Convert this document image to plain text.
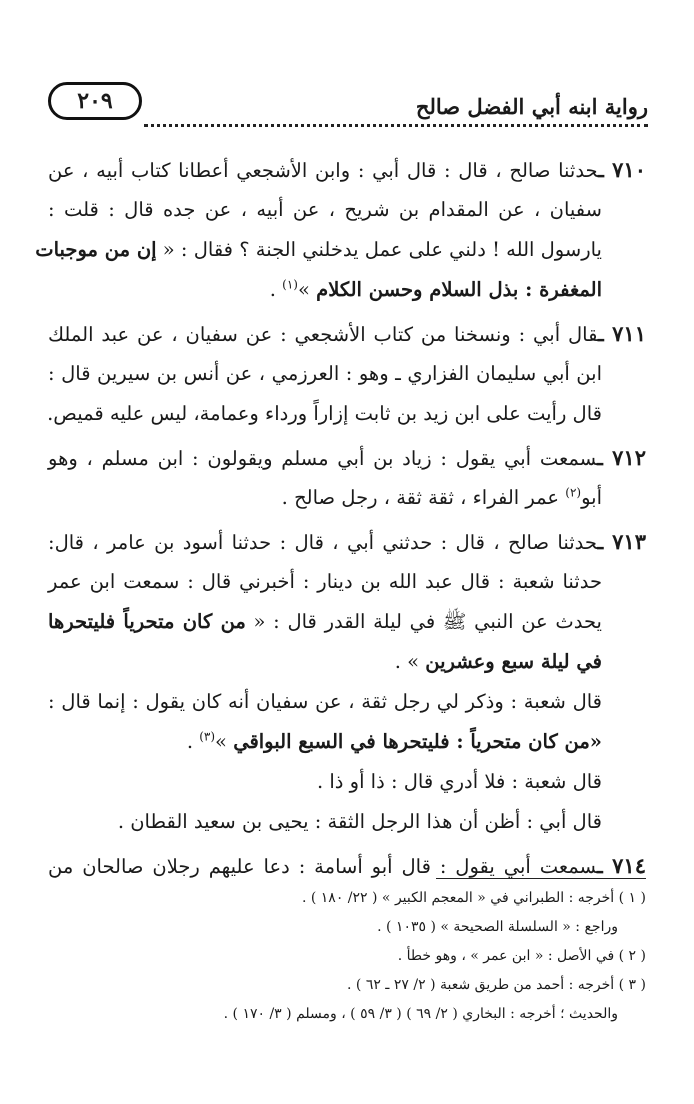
رواية ابنه أبي الفضل صالح
٢٠٩
٧١٠ ـحدثنا صالح ، قال : قال أبي : وابن الأشجعي أعطانا كتاب أبيه ، عن
سفيان ، عن المقدام بن شريح ، عن أبيه ، عن جده قال : قلت :
يارسول الله ! دلني على عمل يدخلني الجنة ؟ فقال : « إن من موجبات
المغفرة : بذل السلام وحسن الكلام »$^{(١)}$ .
٧١١ ـقال أبي : ونسخنا من كتاب الأشجعي : عن سفيان ، عن عبد الملك
ابن أبي سليمان الفزاري ـ وهو : العرزمي ، عن أنس بن سيرين قال :
قال رأيت على ابن زيد بن ثابت إزاراً ورداء وعمامة، ليس عليه قميص.
٧١٢ ـسمعت أبي يقول : زياد بن أبي مسلم ويقولون : ابن مسلم ، وهو
أبو$^{(٢)}$ عمر الفراء ، ثقة ثقة ، رجل صالح .
٧١٣ ـحدثنا صالح ، قال : حدثني أبي ، قال : حدثنا أسود بن عامر ، قال:
حدثنا شعبة : قال عبد الله بن دينار : أخبرني قال : سمعت ابن عمر
يحدث عن النبي ﷺ في ليلة القدر قال : « من كان متحرياً فليتحرها
في ليلة سبع وعشرين » .
قال شعبة : وذكر لي رجل ثقة ، عن سفيان أنه كان يقول : إنما قال :
«من كان متحرياً : فليتحرها في السبع البواقي »$^{(٣)}$ .
قال شعبة : فلا أدري قال : ذا أو ذا .
قال أبي : أظن أن هذا الرجل الثقة : يحيى بن سعيد القطان .
٧١٤ ـسمعت أبي يقول : قال أبو أسامة : دعا عليهم رجلان صالحان من
( ١ ) أخرجه : الطبراني في « المعجم الكبير » ( ٢٢/ ١٨٠ ) .
وراجع : « السلسلة الصحيحة » ( ١٠٣٥ ) .
( ٢ ) في الأصل : « ابن عمر » ، وهو خطأ .
( ٣ ) أخرجه : أحمد من طريق شعبة ( ٢/ ٢٧ ـ ٦٢ ) .
والحديث ؛ أخرجه : البخاري ( ٢/ ٦٩ ) ( ٣/ ٥٩ ) ، ومسلم ( ٣/ ١٧٠ ) .
